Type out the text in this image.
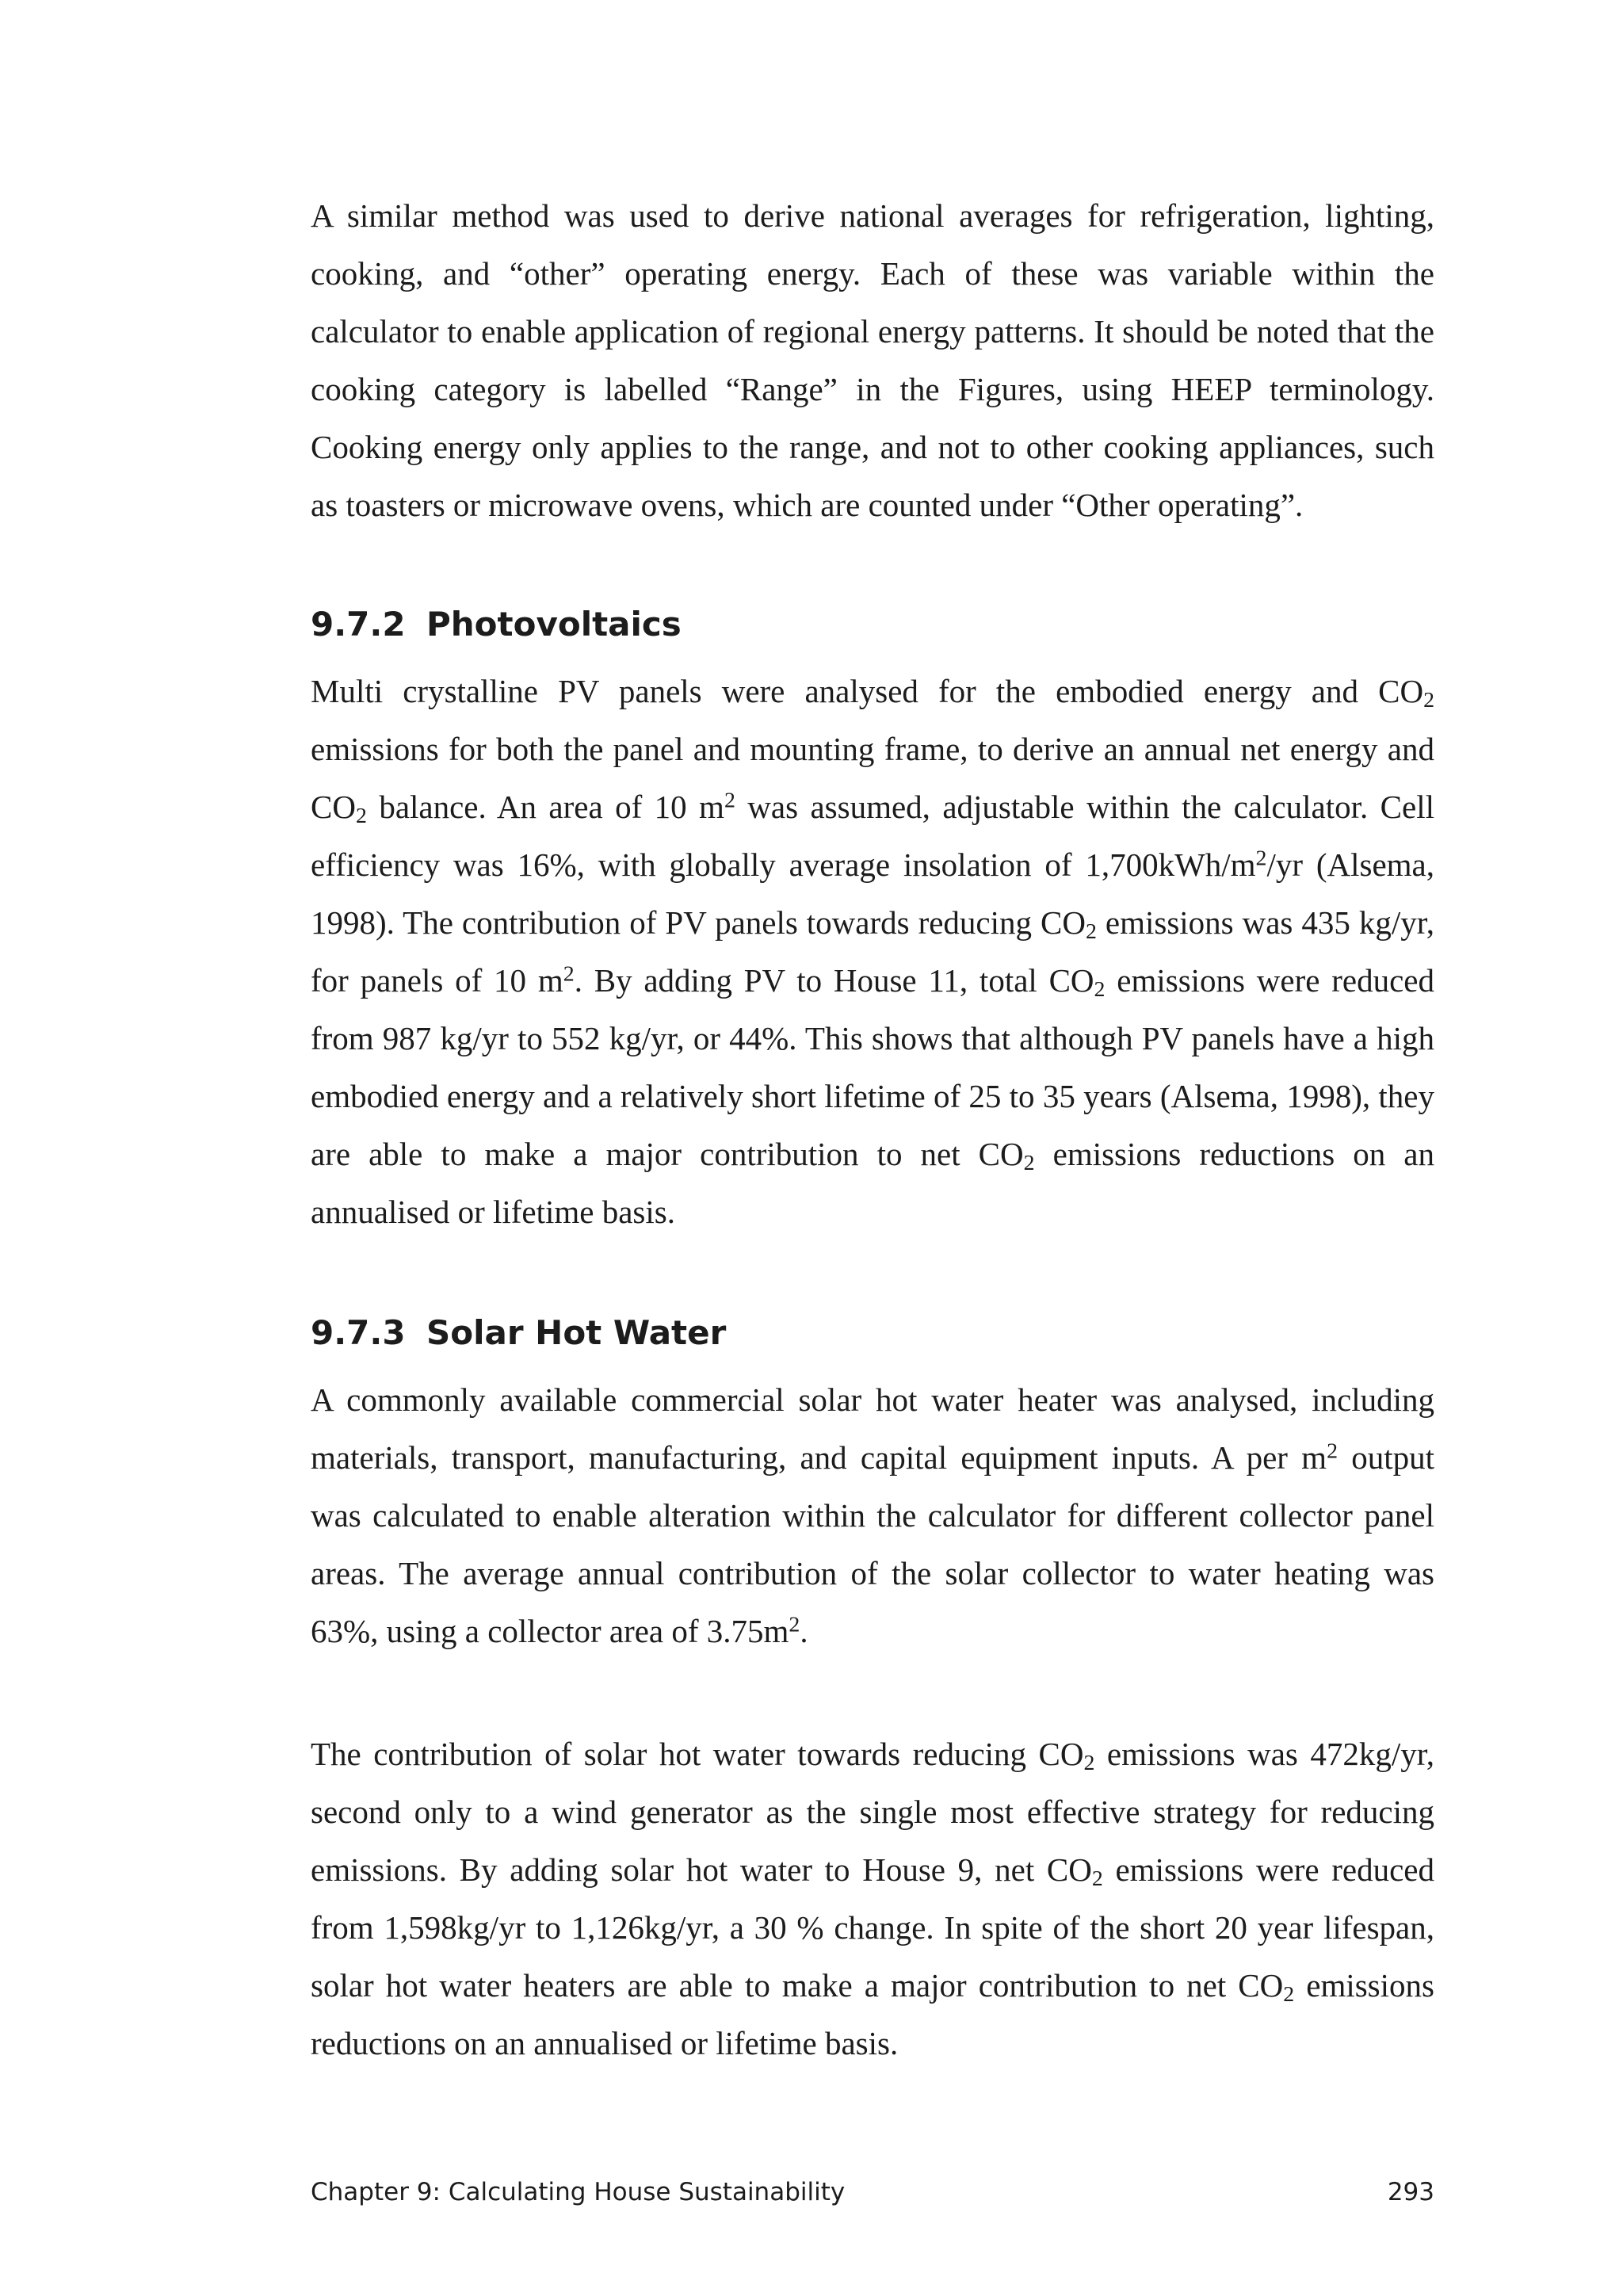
A similar method was used to derive national averages for refrigeration, lighting, cooking, and “other” operating energy. Each of these was variable within the calculator to enable application of regional energy patterns. It should be noted that the cooking category is labelled “Range” in the Figures, using HEEP terminology. Cooking energy only applies to the range, and not to other cooking appliances, such as toasters or microwave ovens, which are counted under “Other operating”.

9.7.2 Photovoltaics

Multi crystalline PV panels were analysed for the embodied energy and $CO_2$ emissions for both the panel and mounting frame, to derive an annual net energy and $CO_2$ balance. An area of 10 $m^2$ was assumed, adjustable within the calculator. Cell efficiency was 16%, with globally average insolation of $1,700kWh/m^2/yr$ (Alsema, 1998). The contribution of PV panels towards reducing $CO_2$ emissions was 435 kg/yr, for panels of 10 $m^2$. By adding PV to House 11, total $CO_2$ emissions were reduced from 987 kg/yr to 552 kg/yr, or 44%. This shows that although PV panels have a high embodied energy and a relatively short lifetime of 25 to 35 years (Alsema, 1998), they are able to make a major contribution to net $CO_2$ emissions reductions on an annualised or lifetime basis.

9.7.3 Solar Hot Water

A commonly available commercial solar hot water heater was analysed, including materials, transport, manufacturing, and capital equipment inputs. A per $m^2$ output was calculated to enable alteration within the calculator for different collector panel areas. The average annual contribution of the solar collector to water heating was 63%, using a collector area of $3.75m^2$.

The contribution of solar hot water towards reducing $CO_2$ emissions was 472kg/yr, second only to a wind generator as the single most effective strategy for reducing emissions. By adding solar hot water to House 9, net $CO_2$ emissions were reduced from 1,598kg/yr to 1,126kg/yr, a 30 % change. In spite of the short 20 year lifespan, solar hot water heaters are able to make a major contribution to net $CO_2$ emissions reductions on an annualised or lifetime basis.

Chapter 9: Calculating House Sustainability	293
